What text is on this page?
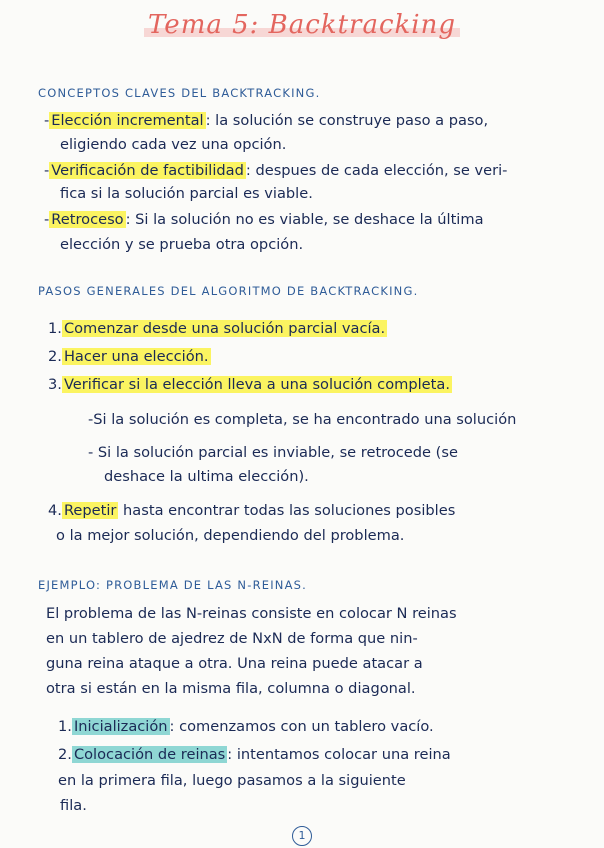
Tema 5: Backtracking
CONCEPTOS CLAVES DEL BACKTRACKING.
- Elección incremental : la solución se construye paso a paso,
eligiendo cada vez una opción.
- Verificación de factibilidad : despues de cada elección, se veri-
fica si la solución parcial es viable.
- Retroceso : Si la solución no es viable, se deshace la última
elección y se prueba otra opción.
PASOS GENERALES DEL ALGORITMO DE BACKTRACKING.
1. Comenzar desde una solución parcial vacía.
2. Hacer una elección.
3. Verificar si la elección lleva a una solución completa.
-Si la solución es completa, se ha encontrado una solución
- Si la solución parcial es inviable, se retrocede (se
deshace la ultima elección).
4. Repetir hasta encontrar todas las soluciones posibles
o la mejor solución, dependiendo del problema.
EJEMPLO: PROBLEMA DE LAS N-REINAS.
El problema de las N-reinas consiste en colocar N reinas
en un tablero de ajedrez de NxN de forma que nin-
guna reina ataque a otra. Una reina puede atacar a
otra si están en la misma fila, columna o diagonal.
1. Inicialización : comenzamos con un tablero vacío.
2. Colocación de reinas : intentamos colocar una reina
en la primera fila, luego pasamos a la siguiente
fila.
1
